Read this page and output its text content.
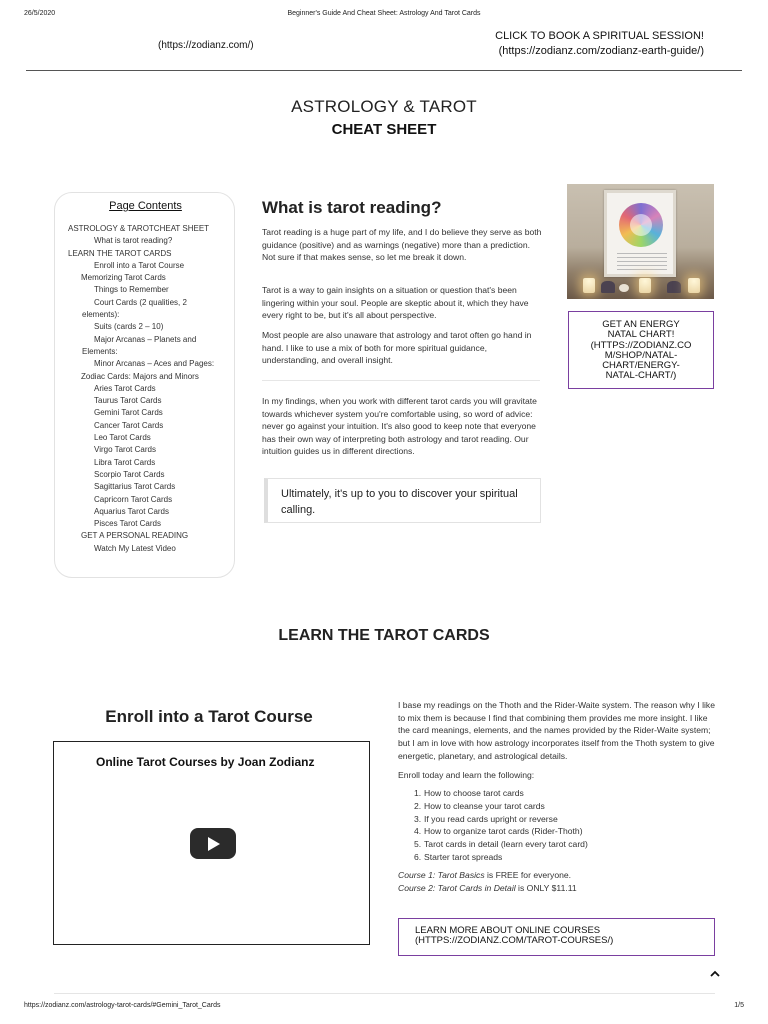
26/5/2020	Beginner's Guide And Cheat Sheet: Astrology And Tarot Cards
(https://zodianz.com/)
CLICK TO BOOK A SPIRITUAL SESSION!
(https://zodianz.com/zodianz-earth-guide/)
ASTROLOGY & TAROT
CHEAT SHEET
Page Contents
ASTROLOGY & TAROTCHEAT SHEET
What is tarot reading?
LEARN THE TAROT CARDS
Enroll into a Tarot Course
Memorizing Tarot Cards
Things to Remember
Court Cards (2 qualities, 2 elements):
Suits (cards 2 – 10)
Major Arcanas – Planets and Elements:
Minor Arcanas – Aces and Pages:
Zodiac Cards: Majors and Minors
Aries Tarot Cards
Taurus Tarot Cards
Gemini Tarot Cards
Cancer Tarot Cards
Leo Tarot Cards
Virgo Tarot Cards
Libra Tarot Cards
Scorpio Tarot Cards
Sagittarius Tarot Cards
Capricorn Tarot Cards
Aquarius Tarot Cards
Pisces Tarot Cards
GET A PERSONAL READING
Watch My Latest Video
What is tarot reading?

Tarot reading is a huge part of my life, and I do believe they serve as both guidance (positive) and as warnings (negative) more than a prediction. Not sure if that makes sense, so let me break it down.

Tarot is a way to gain insights on a situation or question that's been lingering within your soul. People are skeptic about it, which they have every right to be, but it's all about perspective.

Most people are also unaware that astrology and tarot often go hand in hand. I like to use a mix of both for more spiritual guidance, understanding, and overall insight.

In my findings, when you work with different tarot cards you will gravitate towards whichever system you're comfortable using, so word of advice: never go against your intuition. It's also good to keep note that everyone has their own way of interpreting both astrology and tarot reading. Our intuition guides us in different directions.

Ultimately, it's up to you to discover your spiritual calling.
GET AN ENERGY
NATAL CHART!
(HTTPS://ZODIANZ.CO
M/SHOP/NATAL-
CHART/ENERGY-
NATAL-CHART/)
LEARN THE TAROT CARDS
Enroll into a Tarot Course
Online Tarot Courses by Joan Zodianz

I base my readings on the Thoth and the Rider-Waite system. The reason why I like to mix them is because I find that combining them provides me more insight. I like the card meanings, elements, and the names provided by the Rider-Waite system; but I am in love with how astrology incorporates itself from the Thoth system to give energetic, planetary, and astrological details.

Enroll today and learn the following:

1. How to choose tarot cards
2. How to cleanse your tarot cards
3. If you read cards upright or reverse
4. How to organize tarot cards (Rider-Thoth)
5. Tarot cards in detail (learn every tarot card)
6. Starter tarot spreads
Course 1: Tarot Basics is FREE for everyone.
Course 2: Tarot Cards in Detail is ONLY $11.11
LEARN MORE ABOUT ONLINE COURSES
(HTTPS://ZODIANZ.COM/TAROT-COURSES/)
https://zodianz.com/astrology-tarot-cards/#Gemini_Tarot_Cards	1/5
